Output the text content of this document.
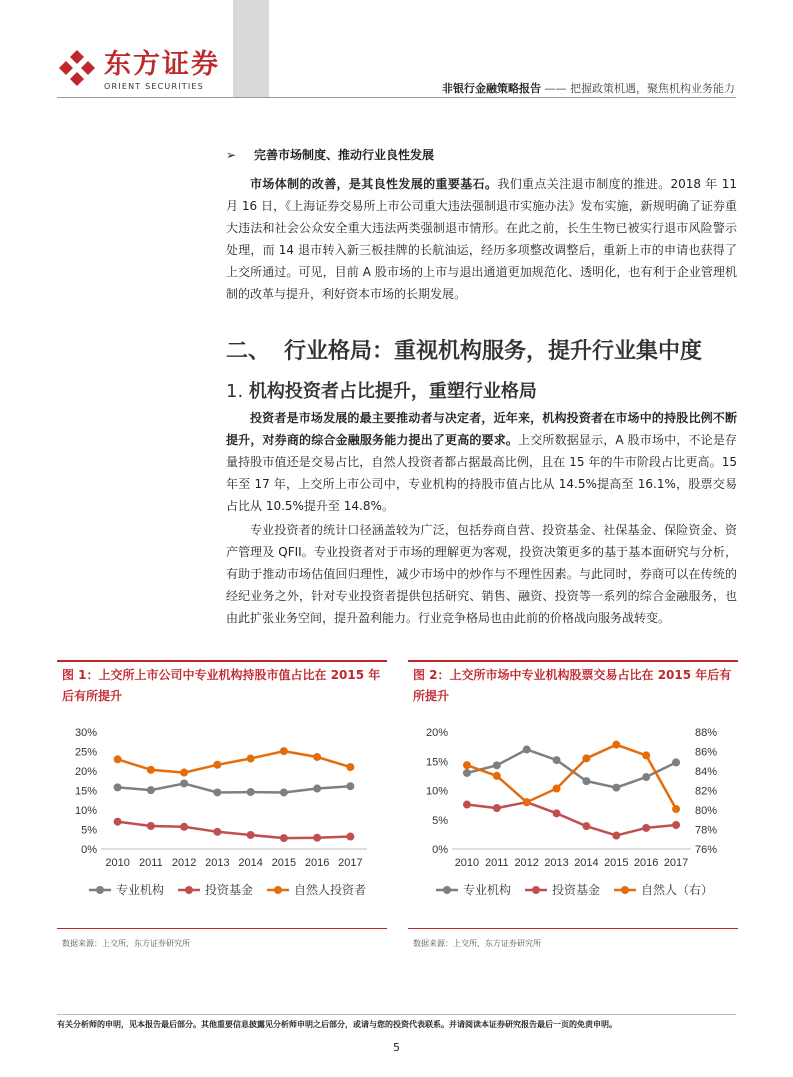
东方证券
ORIENT SECURITIES	非银行金融策略报告 —— 把握政策机遇，聚焦机构业务能力
➢ 完善市场制度、推动行业良性发展

市场体制的改善，是其良性发展的重要基石。我们重点关注退市制度的推进。2018 年 11 月 16 日，《上海证券交易所上市公司重大违法强制退市实施办法》发布实施，新规明确了证券重大违法和社会公众安全重大违法两类强制退市情形。在此之前，长生生物已被实行退市风险警示处理，而 14 退市转入新三板挂牌的长航油运，经历多项整改调整后，重新上市的申请也获得了上交所通过。可见，目前 A 股市场的上市与退出通道更加规范化、透明化，也有利于企业管理机制的改革与提升，利好资本市场的长期发展。

二、 行业格局：重视机构服务，提升行业集中度
1. 机构投资者占比提升，重塑行业格局

投资者是市场发展的最主要推动者与决定者，近年来，机构投资者在市场中的持股比例不断提升，对券商的综合金融服务能力提出了更高的要求。上交所数据显示，A 股市场中，不论是存量持股市值还是交易占比，自然人投资者都占据最高比例，且在 15 年的牛市阶段占比更高。15 年至 17 年，上交所上市公司中，专业机构的持股市值占比从 14.5%提高至 16.1%，股票交易占比从 10.5%提升至 14.8%。

专业投资者的统计口径涵盖较为广泛，包括券商自营、投资基金、社保基金、保险资金、资产管理及 QFII。专业投资者对于市场的理解更为客观，投资决策更多的基于基本面研究与分析，有助于推动市场估值回归理性，减少市场中的炒作与不理性因素。与此同时，券商可以在传统的经纪业务之外，针对专业投资者提供包括研究、销售、融资、投资等一系列的综合金融服务，也由此扩张业务空间，提升盈利能力。行业竞争格局也由此前的价格战向服务战转变。

图 1：上交所上市公司中专业机构持股市值占比在 2015 年后有所提升
0%
5%
10%
15%
20%
25%
30%
2010 2011 2012 2013 2014 2015 2016 2017
专业机构	投资基金	自然人投资者
数据来源：上交所，东方证券研究所
图 2：上交所市场中专业机构股票交易占比在 2015 年后有所提升
0%
5%
10%
15%
20%
76%
78%
80%
82%
84%
86%
88%
2010 2011 2012 2013 2014 2015 2016 2017
专业机构	投资基金	自然人（右）
数据来源：上交所，东方证券研究所
有关分析师的申明，见本报告最后部分。其他重要信息披露见分析师申明之后部分，或请与您的投资代表联系。并请阅读本证券研究报告最后一页的免责申明。
5
